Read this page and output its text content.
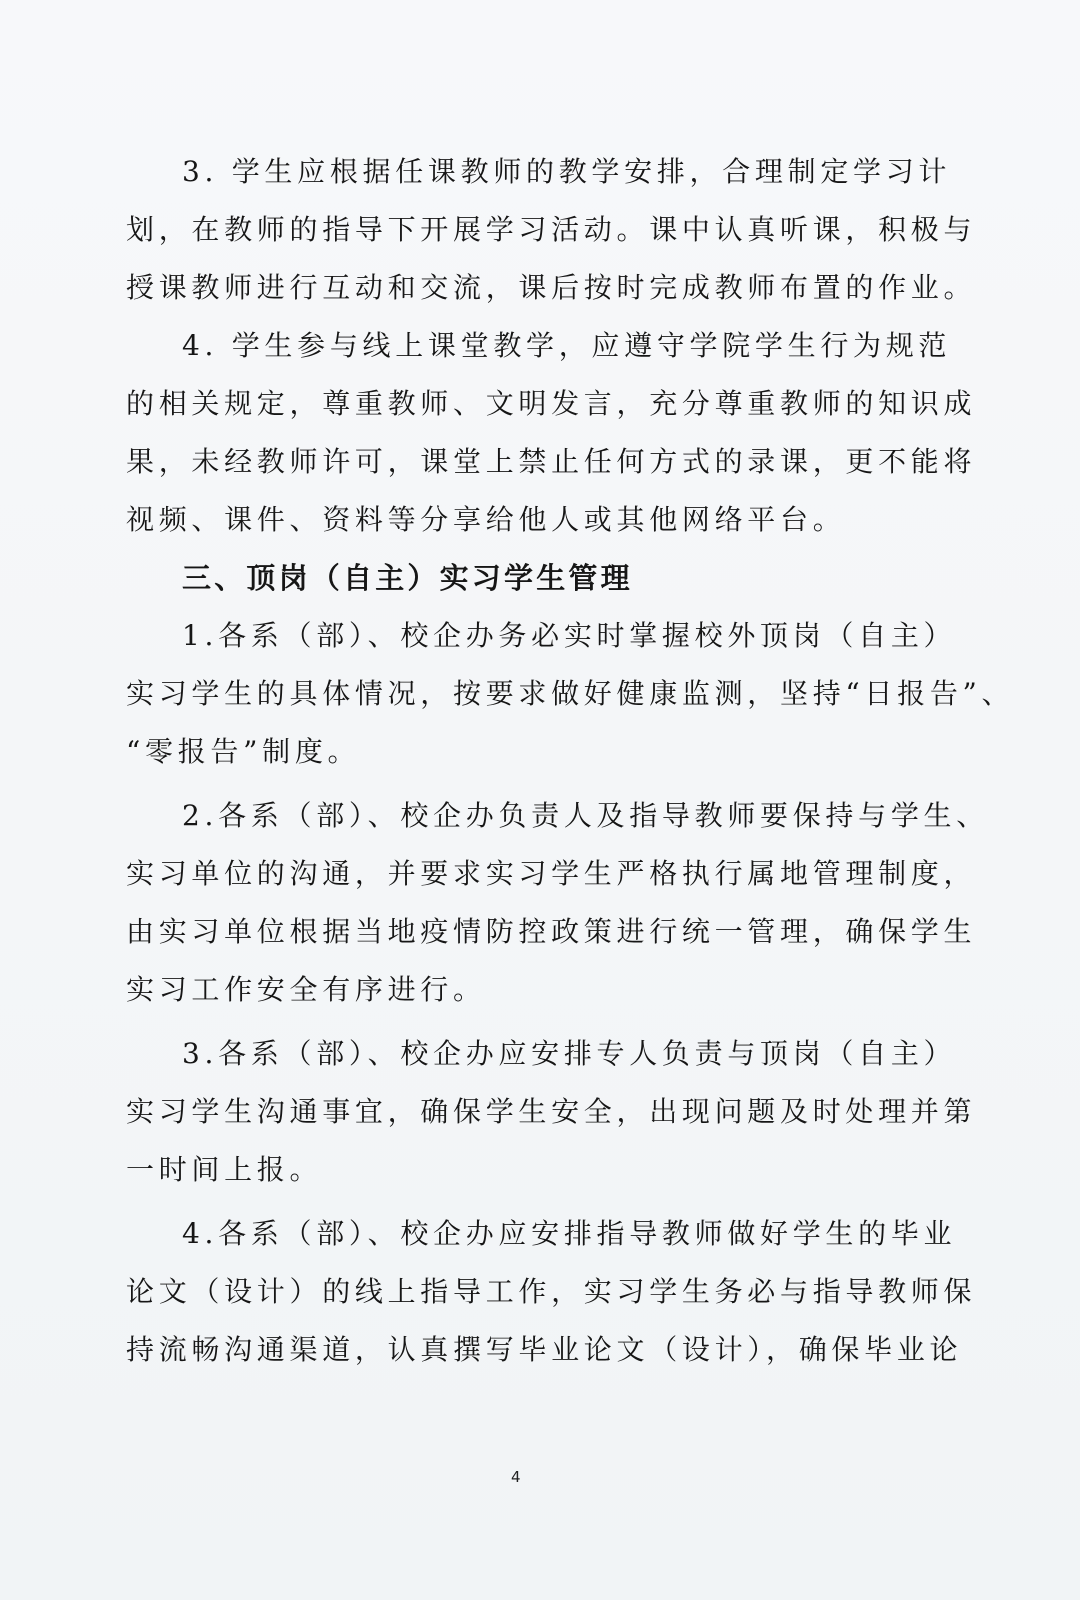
3. 学生应根据任课教师的教学安排，合理制定学习计
划，在教师的指导下开展学习活动。课中认真听课，积极与
授课教师进行互动和交流，课后按时完成教师布置的作业。
4. 学生参与线上课堂教学，应遵守学院学生行为规范
的相关规定，尊重教师、文明发言，充分尊重教师的知识成
果，未经教师许可，课堂上禁止任何方式的录课，更不能将
视频、课件、资料等分享给他人或其他网络平台。
三、顶岗（自主）实习学生管理
1.各系（部）、校企办务必实时掌握校外顶岗（自主）
实习学生的具体情况，按要求做好健康监测，坚持“日报告”、
“零报告”制度。
2.各系（部）、校企办负责人及指导教师要保持与学生、
实习单位的沟通，并要求实习学生严格执行属地管理制度，
由实习单位根据当地疫情防控政策进行统一管理，确保学生
实习工作安全有序进行。
3.各系（部）、校企办应安排专人负责与顶岗（自主）
实习学生沟通事宜，确保学生安全，出现问题及时处理并第
一时间上报。
4.各系（部）、校企办应安排指导教师做好学生的毕业
论文（设计）的线上指导工作，实习学生务必与指导教师保
持流畅沟通渠道，认真撰写毕业论文（设计），确保毕业论
4
